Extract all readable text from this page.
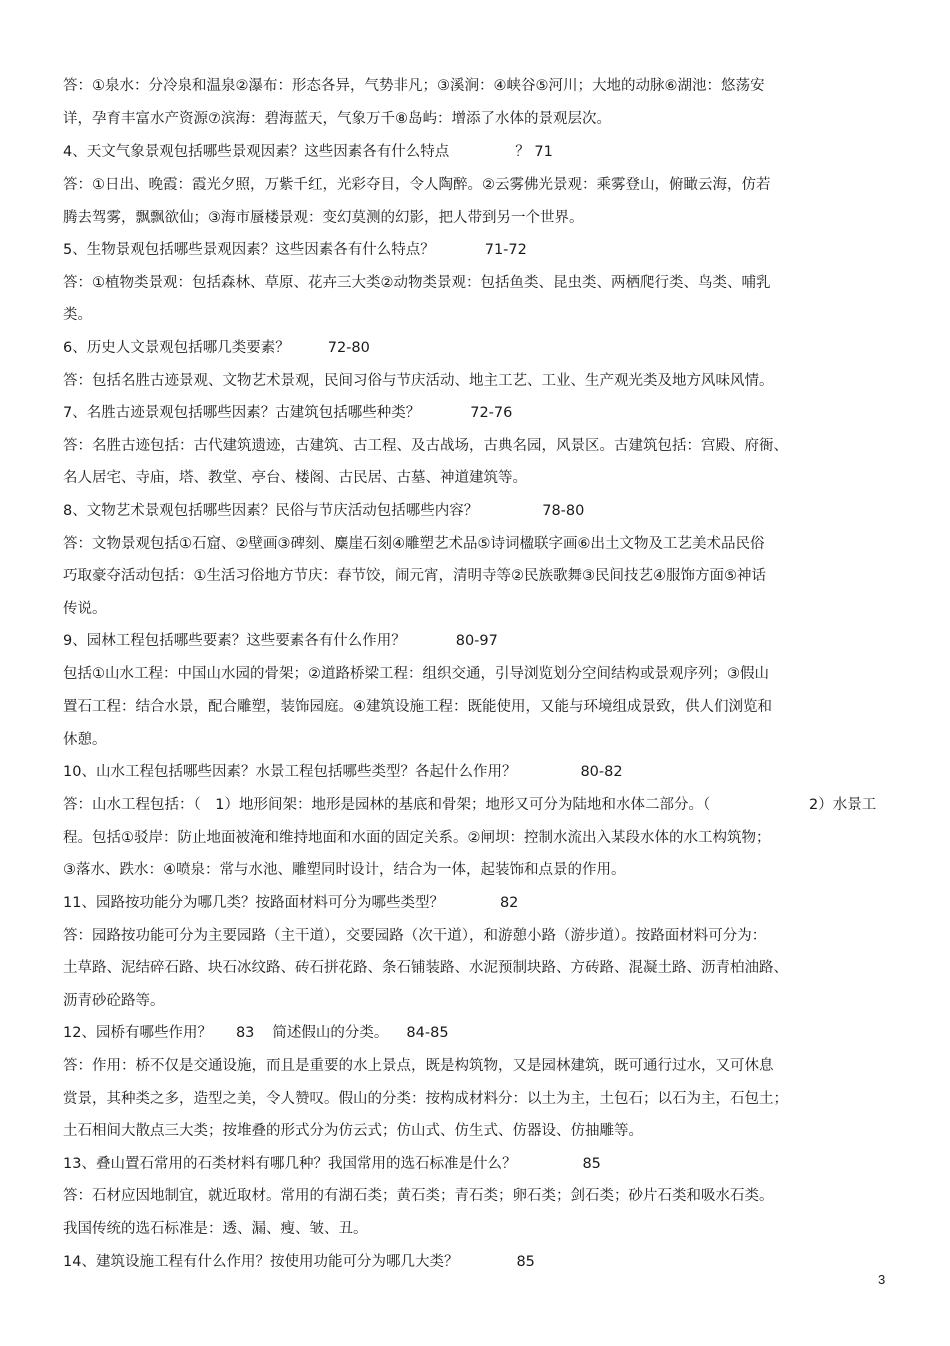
答：①泉水：分冷泉和温泉②瀑布：形态各异，气势非凡；③溪涧：④峡谷⑤河川；大地的动脉⑥湖池：悠荡安
详，孕育丰富水产资源⑦滨海：碧海蓝天，气象万千⑧岛屿：增添了水体的景观层次。
4、天文气象景观包括哪些景观因素？这些因素各有什么特点	？ 71
答：①日出、晚霞：霞光夕照，万紫千红，光彩夺目，令人陶醉。②云雾佛光景观：乘雾登山，俯瞰云海，仿若
腾去驾雾，飘飘欲仙；③海市蜃楼景观：变幻莫测的幻影，把人带到另一个世界。
5、生物景观包括哪些景观因素？这些因素各有什么特点？	71-72
答：①植物类景观：包括森林、草原、花卉三大类②动物类景观：包括鱼类、昆虫类、两栖爬行类、鸟类、哺乳
类。
6、历史人文景观包括哪几类要素？	72-80
答：包括名胜古迹景观、文物艺术景观，民间习俗与节庆活动、地主工艺、工业、生产观光类及地方风味风情。
7、名胜古迹景观包括哪些因素？古建筑包括哪些种类？	72-76
答：名胜古迹包括：古代建筑遗迹，古建筑、古工程、及古战场，古典名园，风景区。古建筑包括：宫殿、府衙、
名人居宅、寺庙，塔、教堂、亭台、楼阁、古民居、古墓、神道建筑等。
8、文物艺术景观包括哪些因素？民俗与节庆活动包括哪些内容？	78-80
答：文物景观包括①石窟、②壁画③碑刻、麋崖石刻④雕塑艺术品⑤诗词楹联字画⑥出土文物及工艺美术品民俗
巧取豪夺活动包括：①生活习俗地方节庆：春节饺，闹元宵，清明寺等②民族歌舞③民间技艺④服饰方面⑤神话
传说。
9、园林工程包括哪些要素？这些要素各有什么作用？	80-97
包括①山水工程：中国山水园的骨架；②道路桥梁工程：组织交通，引导浏览划分空间结构或景观序列；③假山
置石工程：结合水景，配合雕塑，装饰园庭。④建筑设施工程：既能使用，又能与环境组成景致，供人们浏览和
休憩。
10、山水工程包括哪些因素？水景工程包括哪些类型？各起什么作用？	80-82
答：山水工程包括：（　1）地形间架：地形是园林的基底和骨架；地形又可分为陆地和水体二部分。（	2）水景工
程。包括①驳岸：防止地面被淹和维持地面和水面的固定关系。②闸坝：控制水流出入某段水体的水工构筑物；
③落水、跌水：④喷泉：常与水池、雕塑同时设计，结合为一体，起装饰和点景的作用。
11、园路按功能分为哪几类？按路面材料可分为哪些类型？	82
答：园路按功能可分为主要园路（主干道），交要园路（次干道），和游憩小路（游步道）。按路面材料可分为：
土草路、泥结碎石路、块石冰纹路、砖石拼花路、条石铺装路、水泥预制块路、方砖路、混凝土路、沥青柏油路、
沥青砂砼路等。
12、园桥有哪些作用？ 83 简述假山的分类。 84-85
答：作用：桥不仅是交通设施，而且是重要的水上景点，既是构筑物，又是园林建筑，既可通行过水，又可休息
赏景，其种类之多，造型之美，令人赞叹。假山的分类：按构成材料分：以土为主，土包石；以石为主，石包土；
土石相间大散点三大类；按堆叠的形式分为仿云式；仿山式、仿生式、仿器设、仿抽雕等。
13、叠山置石常用的石类材料有哪几种？我国常用的选石标准是什么？	85
答：石材应因地制宜，就近取材。常用的有湖石类；黄石类；青石类；卵石类；剑石类；砂片石类和吸水石类。
我国传统的选石标准是：透、漏、瘦、皱、丑。
14、建筑设施工程有什么作用？按使用功能可分为哪几大类？	85
3
